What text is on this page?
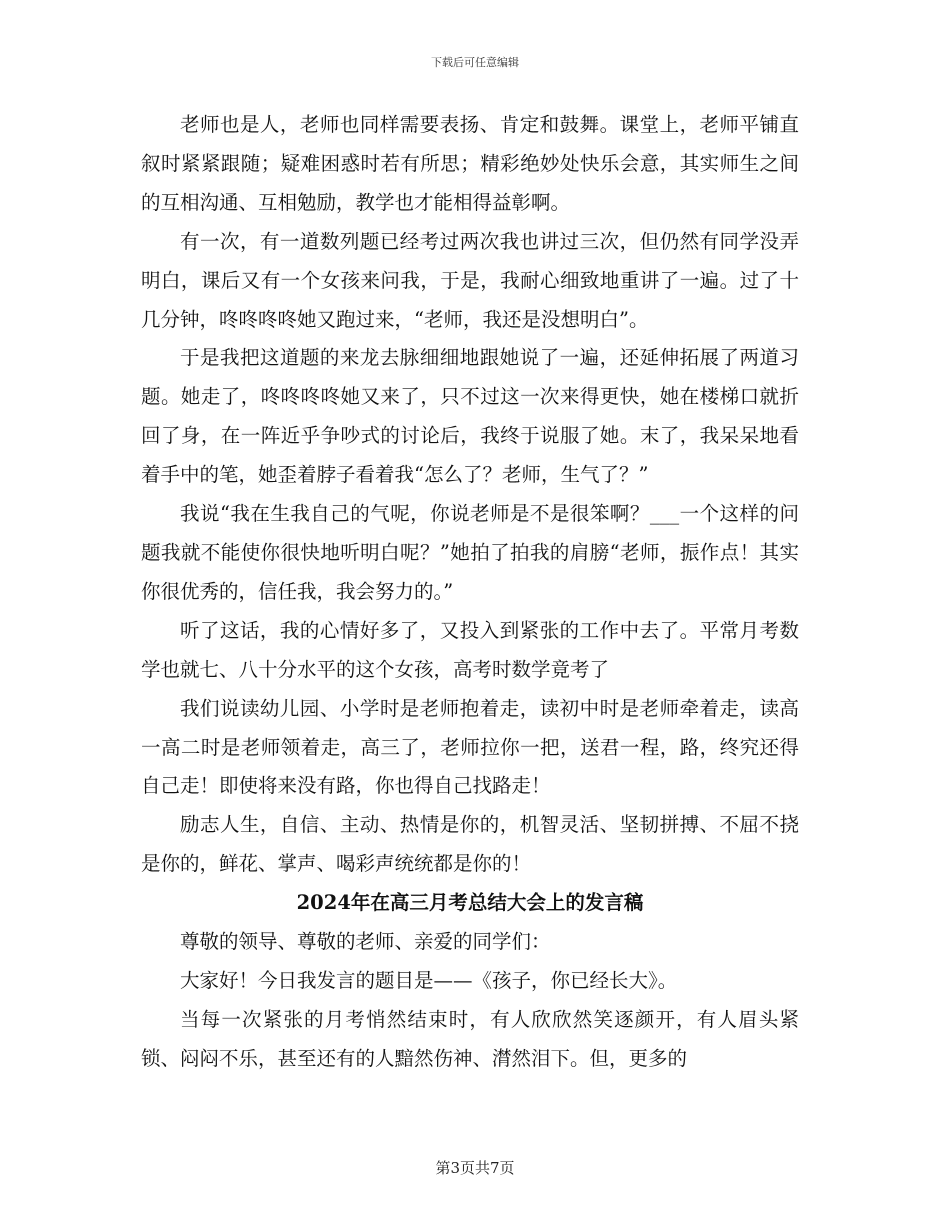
下载后可任意编辑

老师也是人，老师也同样需要表扬、肯定和鼓舞。课堂上，老师平铺直叙时紧紧跟随；疑难困惑时若有所思；精彩绝妙处快乐会意，其实师生之间的互相沟通、互相勉励，教学也才能相得益彰啊。

有一次，有一道数列题已经考过两次我也讲过三次，但仍然有同学没弄明白，课后又有一个女孩来问我，于是，我耐心细致地重讲了一遍。过了十几分钟，咚咚咚咚她又跑过来，“老师，我还是没想明白”。

于是我把这道题的来龙去脉细细地跟她说了一遍，还延伸拓展了两道习题。她走了，咚咚咚咚她又来了，只不过这一次来得更快，她在楼梯口就折回了身，在一阵近乎争吵式的讨论后，我终于说服了她。末了，我呆呆地看着手中的笔，她歪着脖子看着我“怎么了？老师，生气了？”

我说“我在生我自己的气呢，你说老师是不是很笨啊？___一个这样的问题我就不能使你很快地听明白呢？”她拍了拍我的肩膀“老师，振作点！其实你很优秀的，信任我，我会努力的。”

听了这话，我的心情好多了，又投入到紧张的工作中去了。平常月考数学也就七、八十分水平的这个女孩，高考时数学竟考了

我们说读幼儿园、小学时是老师抱着走，读初中时是老师牵着走，读高一高二时是老师领着走，高三了，老师拉你一把，送君一程，路，终究还得自己走！即使将来没有路，你也得自己找路走！

励志人生，自信、主动、热情是你的，机智灵活、坚韧拼搏、不屈不挠是你的，鲜花、掌声、喝彩声统统都是你的！

2024年在高三月考总结大会上的发言稿

尊敬的领导、尊敬的老师、亲爱的同学们：

大家好！今日我发言的题目是——《孩子，你已经长大》。

当每一次紧张的月考悄然结束时，有人欣欣然笑逐颜开，有人眉头紧锁、闷闷不乐，甚至还有的人黯然伤神、潸然泪下。但，更多的

第3页共7页
